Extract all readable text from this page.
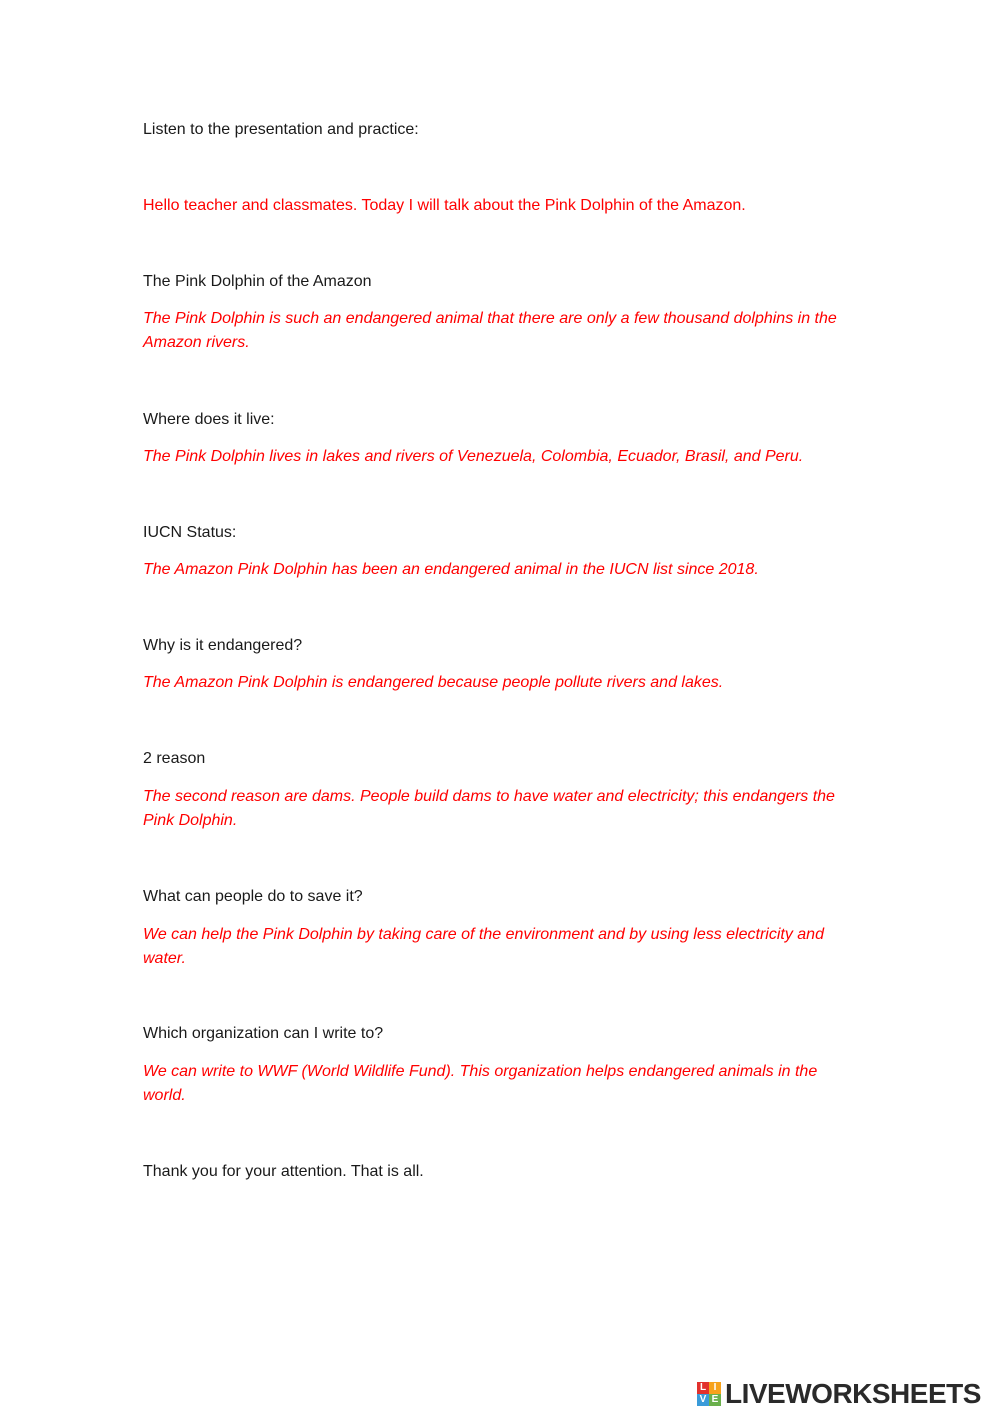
Listen to the presentation and practice:
Hello teacher and classmates. Today I will talk about the Pink Dolphin of the Amazon.
The Pink Dolphin of the Amazon
The Pink Dolphin is such an endangered animal that there are only a few thousand dolphins in the Amazon rivers.
Where does it live:
The Pink Dolphin lives in lakes and rivers of Venezuela, Colombia, Ecuador, Brasil, and Peru.
IUCN Status:
The Amazon Pink Dolphin has been an endangered animal in the IUCN list since 2018.
Why is it endangered?
The Amazon Pink Dolphin is endangered because people pollute rivers and lakes.
2 reason
The second reason are dams. People build dams to have water and electricity; this endangers the Pink Dolphin.
What can people do to save it?
We can help the Pink Dolphin by taking care of the environment and by using less electricity and water.
Which organization can I write to?
We can write to WWF (World Wildlife Fund). This organization helps endangered animals in the world.
Thank you for your attention. That is all.
L I
V E LIVEWORKSHEETS
